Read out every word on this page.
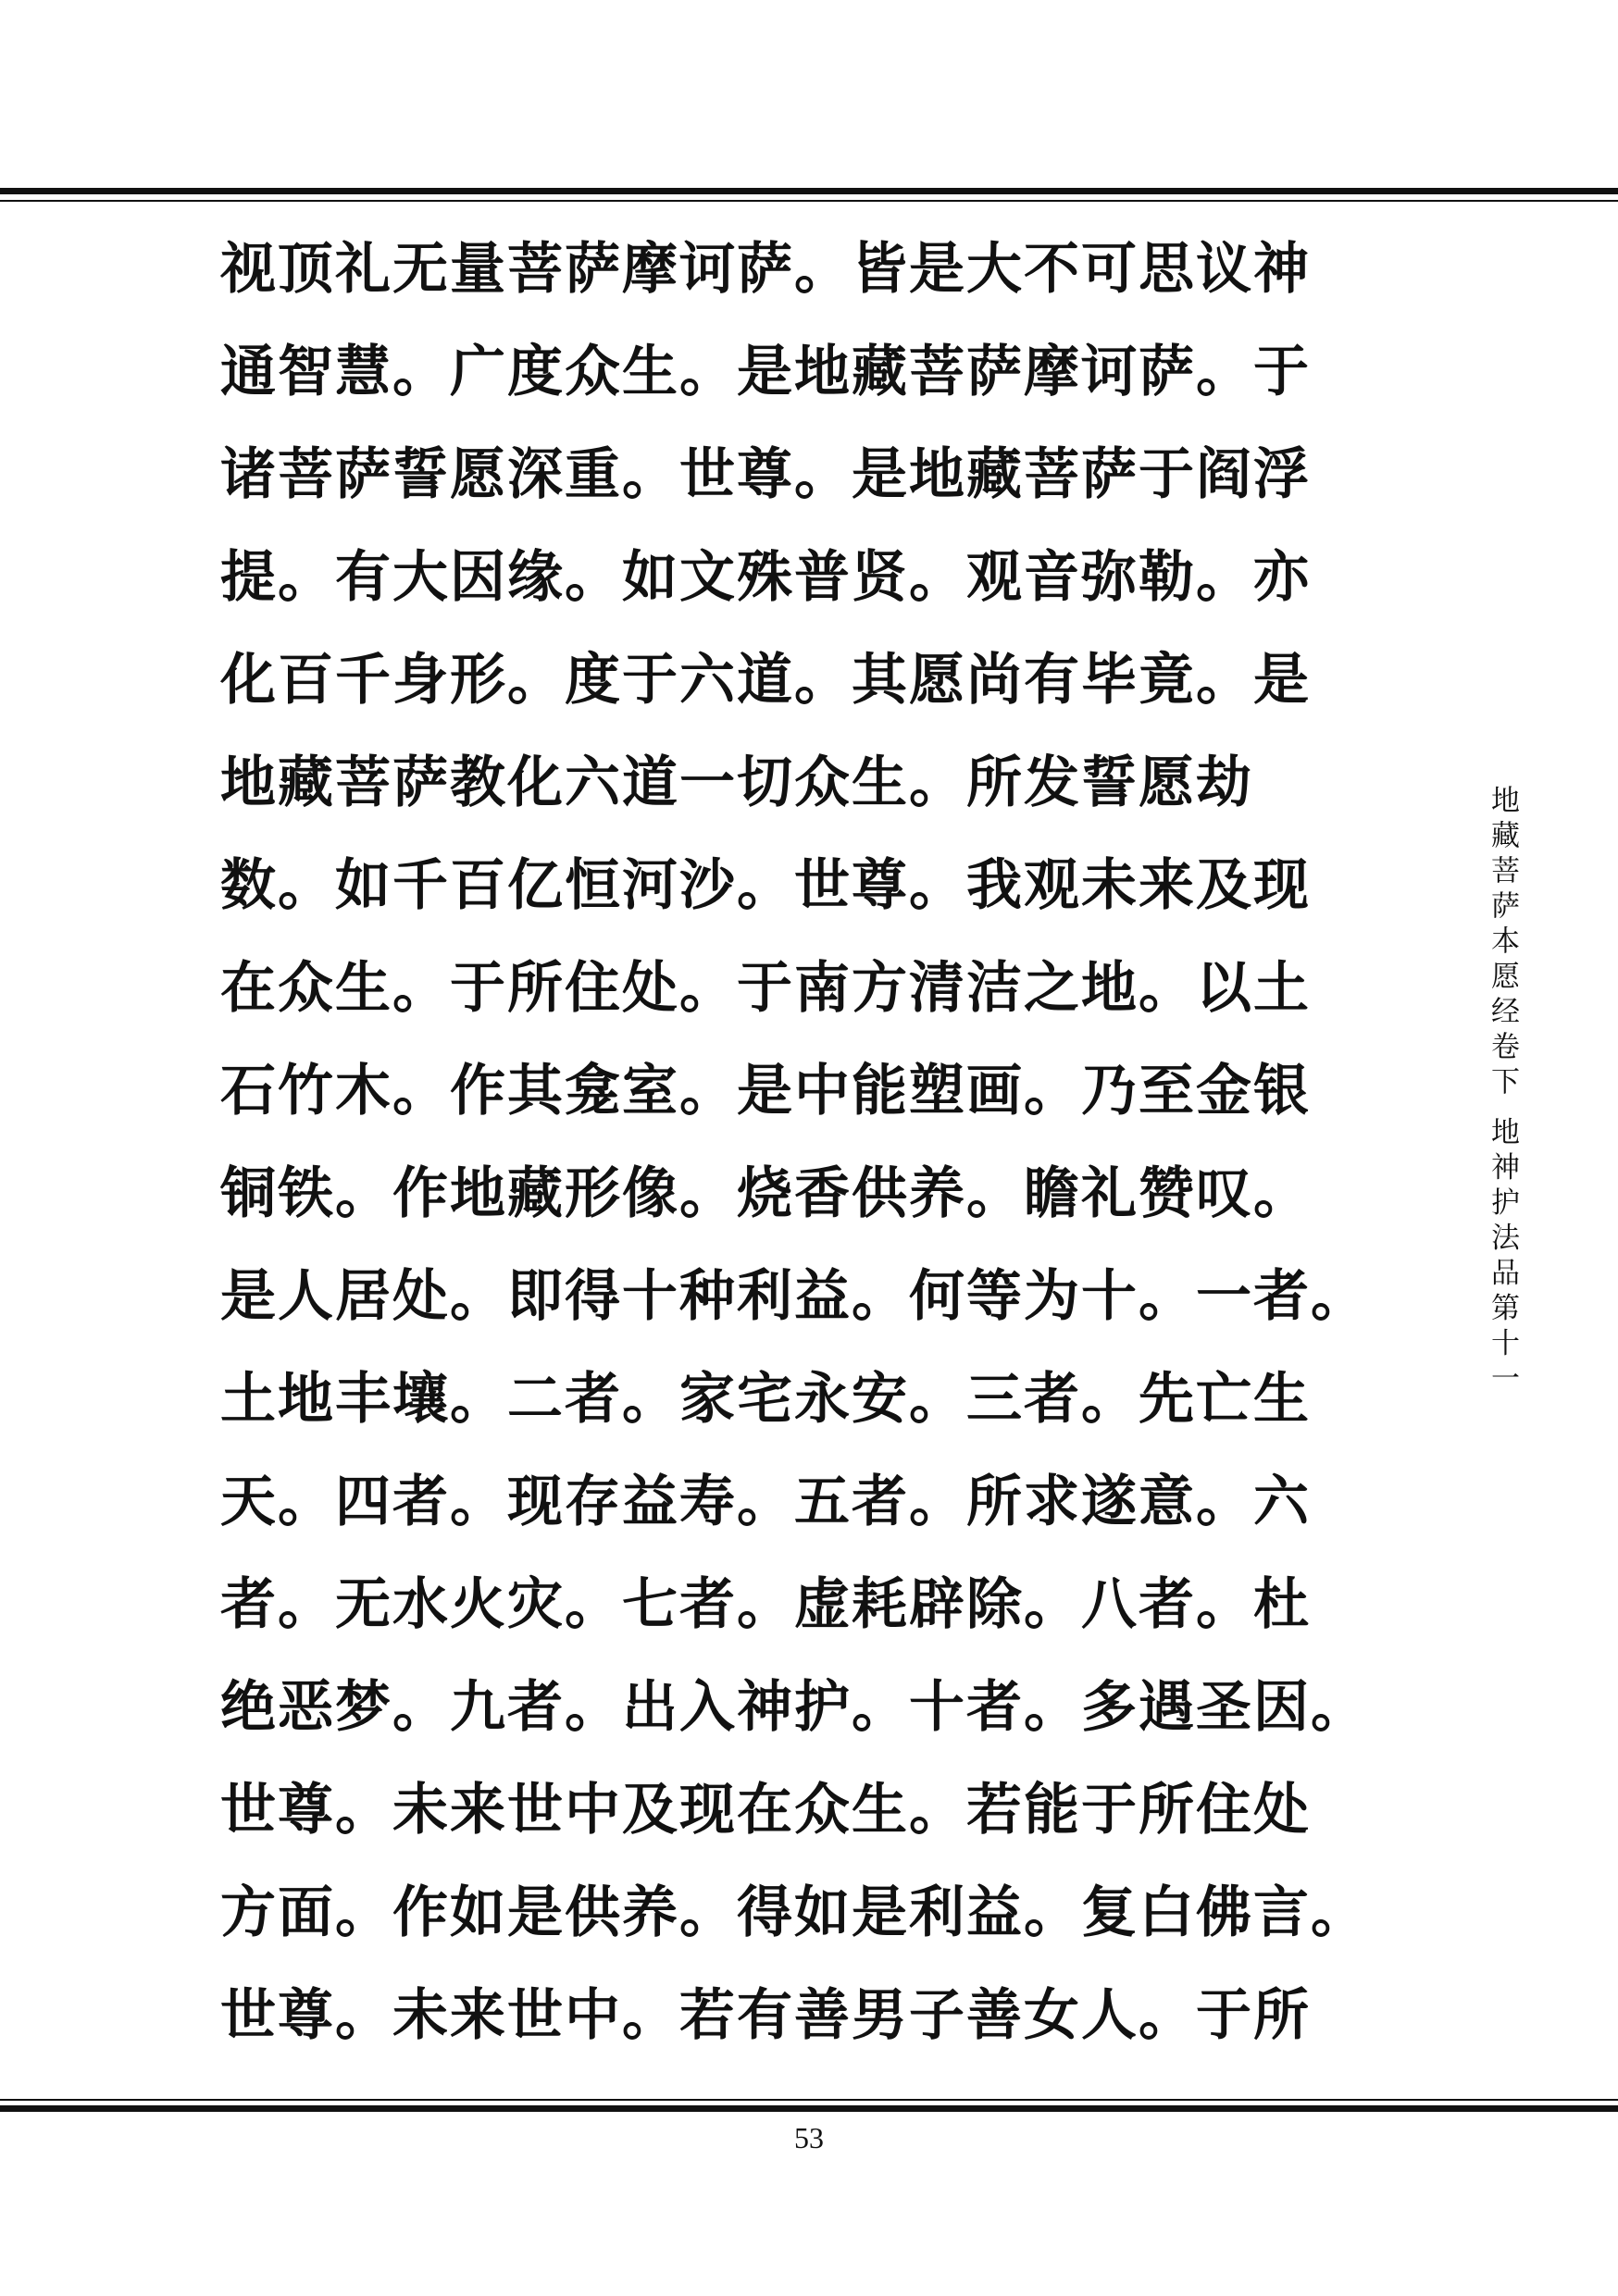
视顶礼无量菩萨摩诃萨。皆是大不可思议神
通智慧。广度众生。是地藏菩萨摩诃萨。于
诸菩萨誓愿深重。世尊。是地藏菩萨于阎浮
提。有大因缘。如文殊普贤。观音弥勒。亦
化百千身形。度于六道。其愿尚有毕竟。是
地藏菩萨教化六道一切众生。所发誓愿劫
数。如千百亿恒河沙。世尊。我观未来及现
在众生。于所住处。于南方清洁之地。以土
石竹木。作其龛室。是中能塑画。乃至金银
铜铁。作地藏形像。烧香供养。瞻礼赞叹。
是人居处。即得十种利益。何等为十。一者。
土地丰壤。二者。家宅永安。三者。先亡生
天。四者。现存益寿。五者。所求遂意。六
者。无水火灾。七者。虚耗辟除。八者。杜
绝恶梦。九者。出入神护。十者。多遇圣因。
世尊。未来世中及现在众生。若能于所住处
方面。作如是供养。得如是利益。复白佛言。
世尊。未来世中。若有善男子善女人。于所
地藏菩萨本愿经卷下 地神护法品第十一
53
